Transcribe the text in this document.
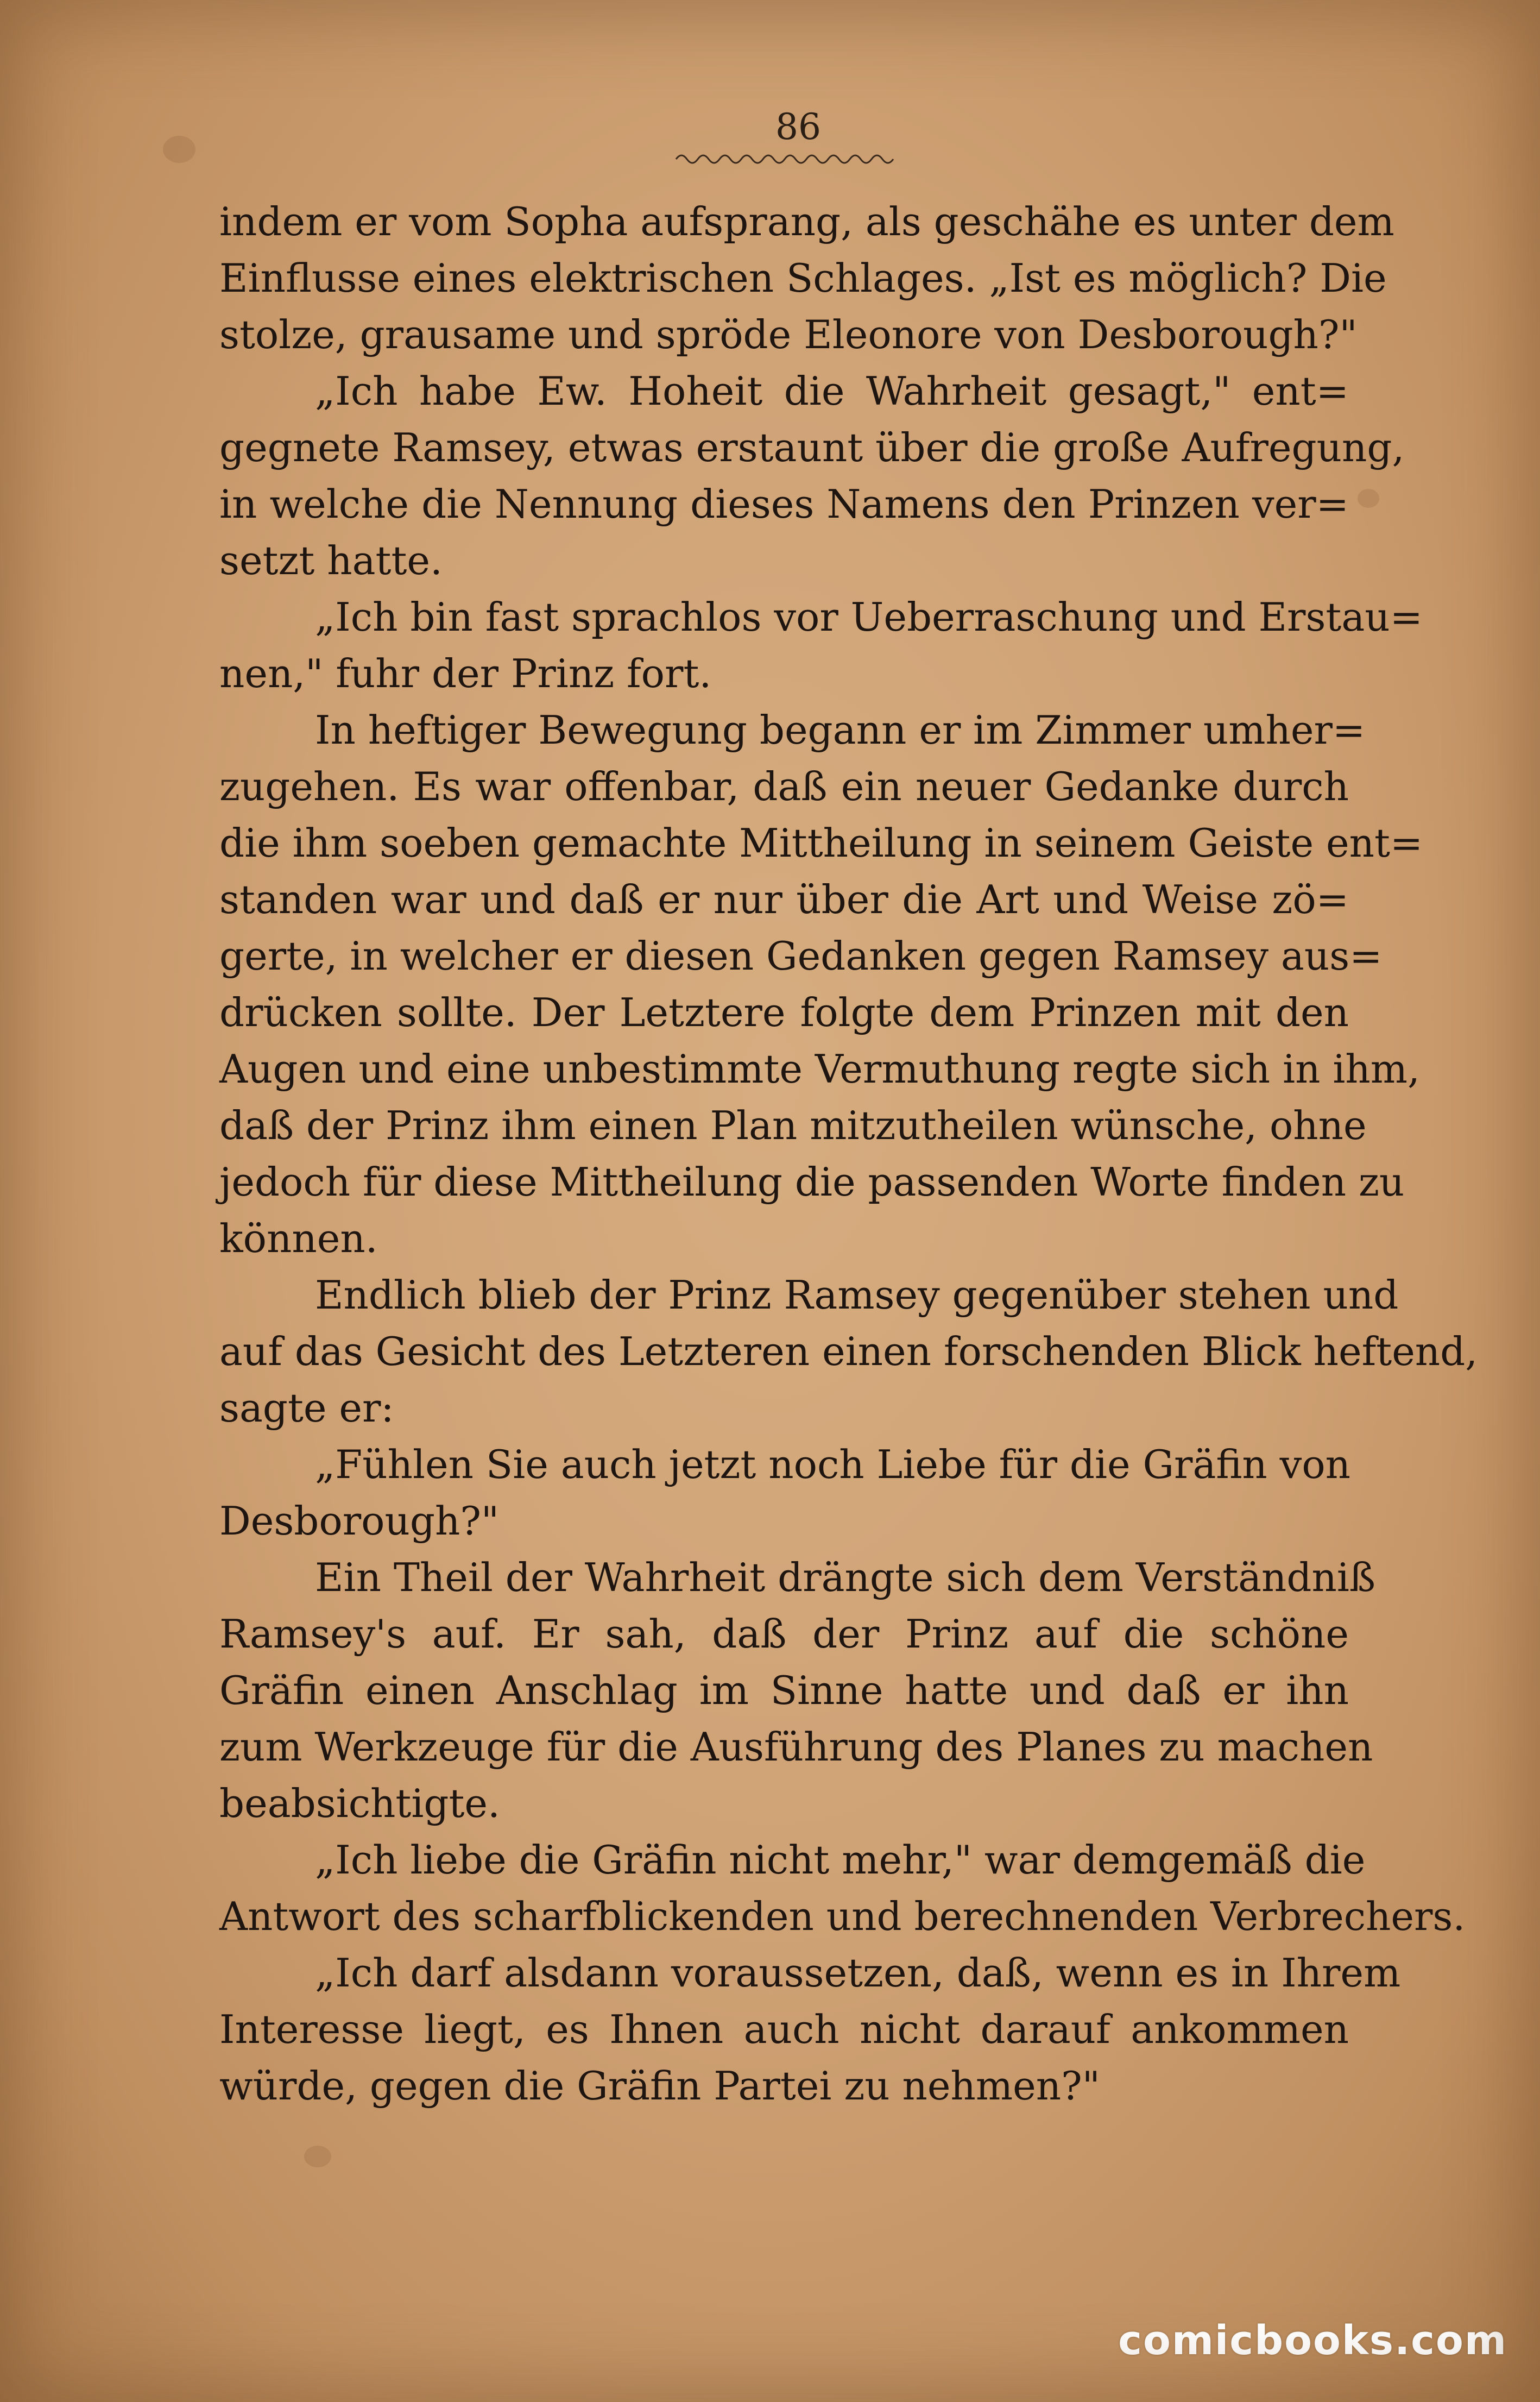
86
indem er vom Sopha aufsprang, als geschähe es unter dem
Einflusse eines elektrischen Schlages. „Ist es möglich? Die
stolze, grausame und spröde Eleonore von Desborough?"
„Ich habe Ew. Hoheit die Wahrheit gesagt," ent=
gegnete Ramsey, etwas erstaunt über die große Aufregung,
in welche die Nennung dieses Namens den Prinzen ver=
setzt hatte.
„Ich bin fast sprachlos vor Ueberraschung und Erstau=
nen," fuhr der Prinz fort.
In heftiger Bewegung begann er im Zimmer umher=
zugehen. Es war offenbar, daß ein neuer Gedanke durch
die ihm soeben gemachte Mittheilung in seinem Geiste ent=
standen war und daß er nur über die Art und Weise zö=
gerte, in welcher er diesen Gedanken gegen Ramsey aus=
drücken sollte. Der Letztere folgte dem Prinzen mit den
Augen und eine unbestimmte Vermuthung regte sich in ihm,
daß der Prinz ihm einen Plan mitzutheilen wünsche, ohne
jedoch für diese Mittheilung die passenden Worte finden zu
können.
Endlich blieb der Prinz Ramsey gegenüber stehen und
auf das Gesicht des Letzteren einen forschenden Blick heftend,
sagte er:
„Fühlen Sie auch jetzt noch Liebe für die Gräfin von
Desborough?"
Ein Theil der Wahrheit drängte sich dem Verständniß
Ramsey's auf. Er sah, daß der Prinz auf die schöne
Gräfin einen Anschlag im Sinne hatte und daß er ihn
zum Werkzeuge für die Ausführung des Planes zu machen
beabsichtigte.
„Ich liebe die Gräfin nicht mehr," war demgemäß die
Antwort des scharfblickenden und berechnenden Verbrechers.
„Ich darf alsdann voraussetzen, daß, wenn es in Ihrem
Interesse liegt, es Ihnen auch nicht darauf ankommen
würde, gegen die Gräfin Partei zu nehmen?"
comicbooks.com
